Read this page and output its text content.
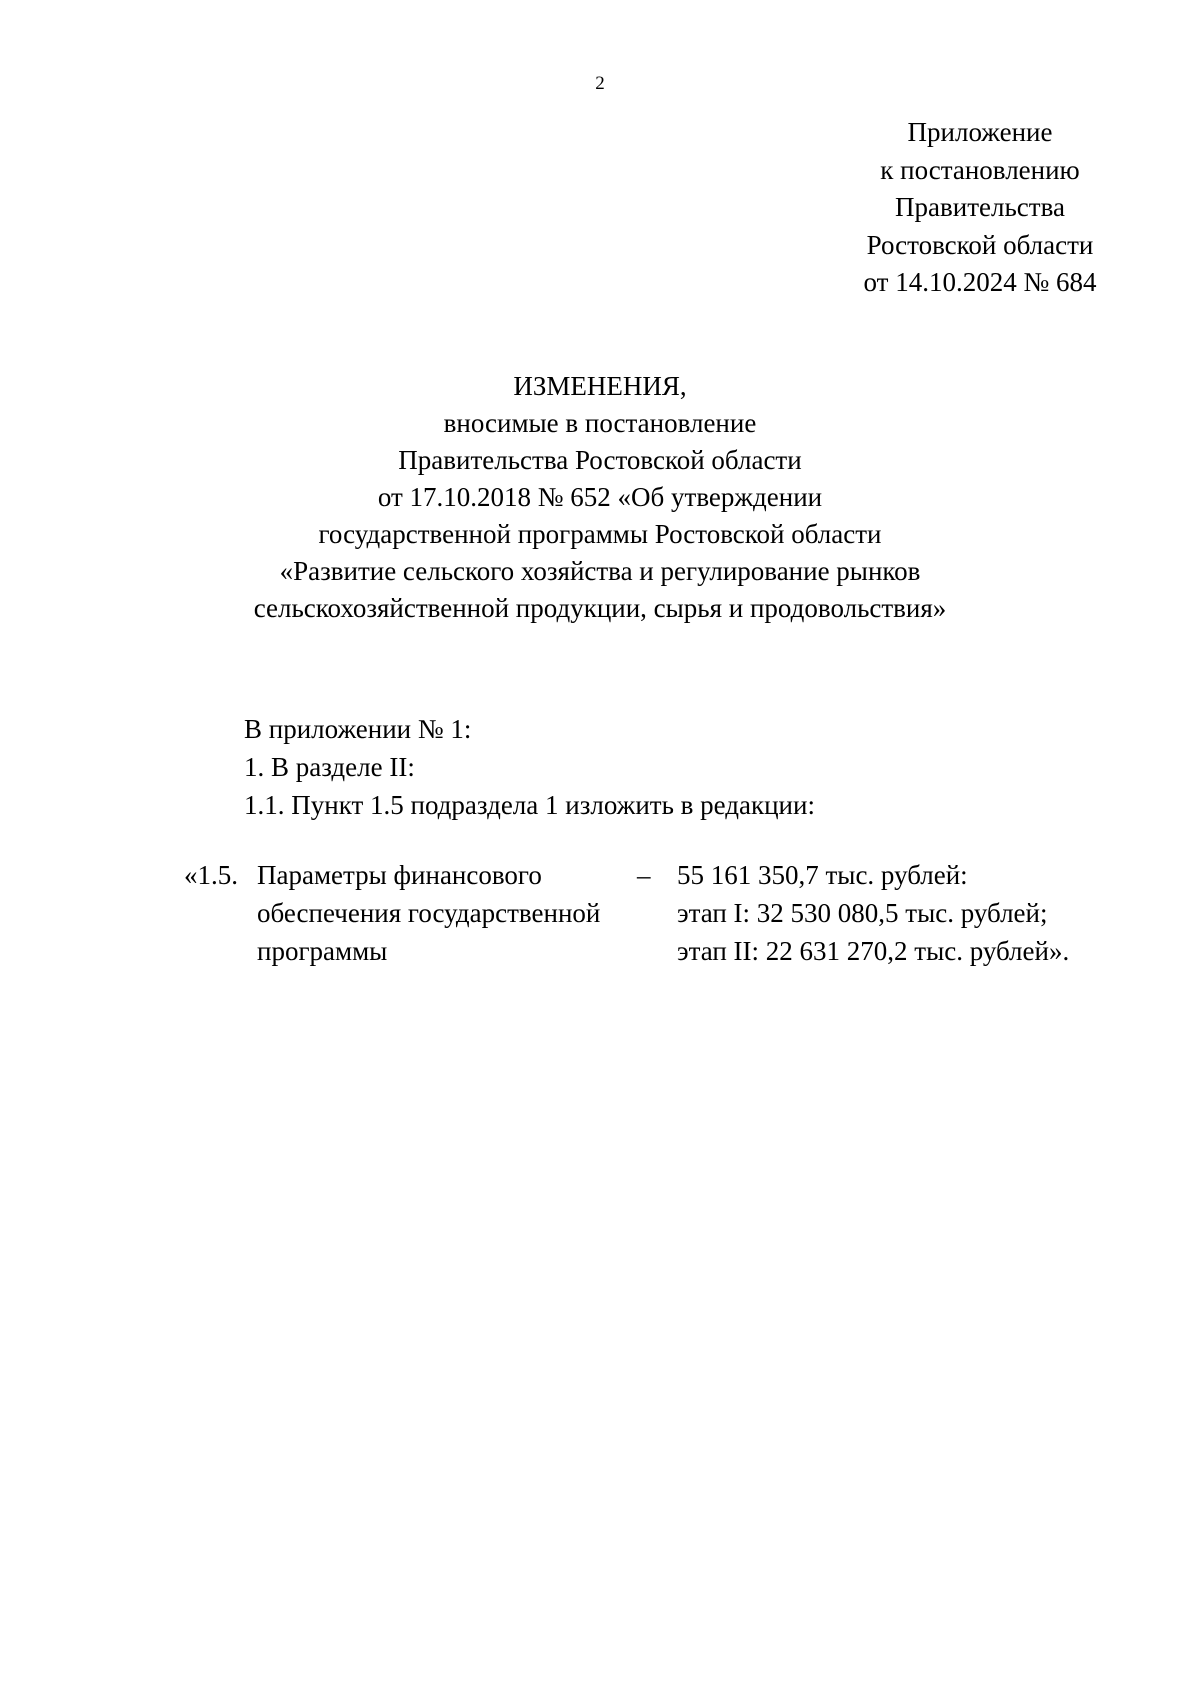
2
Приложение
к постановлению
Правительства
Ростовской области
от 14.10.2024 № 684
ИЗМЕНЕНИЯ,
вносимые в постановление
Правительства Ростовской области
от 17.10.2018 № 652 «Об утверждении
государственной программы Ростовской области
«Развитие сельского хозяйства и регулирование рынков
сельскохозяйственной продукции, сырья и продовольствия»
В приложении № 1:
1. В разделе II:
1.1. Пункт 1.5 подраздела 1 изложить в редакции:
«1.5. Параметры финансового
обеспечения государственной
программы
– 55 161 350,7 тыс. рублей:
этап I: 32 530 080,5 тыс. рублей;
этап II: 22 631 270,2 тыс. рублей».
